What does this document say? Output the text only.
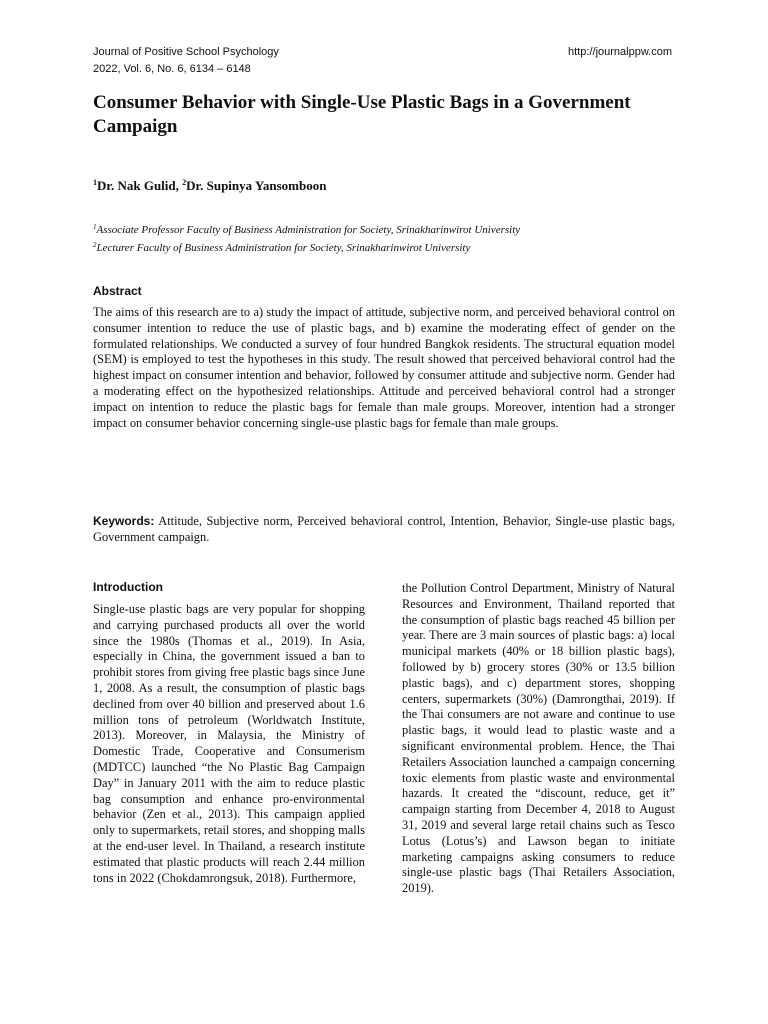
Journal of Positive School Psychology
2022, Vol. 6, No. 6, 6134 – 6148
http://journalppw.com
Consumer Behavior with Single-Use Plastic Bags in a Government Campaign
$^1$Dr. Nak Gulid, $^2$Dr. Supinya Yansomboon
$^1$Associate Professor Faculty of Business Administration for Society, Srinakharinwirot University
$^2$Lecturer Faculty of Business Administration for Society, Srinakharinwirot University
Abstract

The aims of this research are to a) study the impact of attitude, subjective norm, and perceived behavioral control on consumer intention to reduce the use of plastic bags, and b) examine the moderating effect of gender on the formulated relationships. We conducted a survey of four hundred Bangkok residents. The structural equation model (SEM) is employed to test the hypotheses in this study. The result showed that perceived behavioral control had the highest impact on consumer intention and behavior, followed by consumer attitude and subjective norm. Gender had a moderating effect on the hypothesized relationships. Attitude and perceived behavioral control had a stronger impact on intention to reduce the plastic bags for female than male groups. Moreover, intention had a stronger impact on consumer behavior concerning single-use plastic bags for female than male groups.

Keywords: Attitude, Subjective norm, Perceived behavioral control, Intention, Behavior, Single-use plastic bags, Government campaign.

Introduction

Single-use plastic bags are very popular for shopping and carrying purchased products all over the world since the 1980s (Thomas et al., 2019). In Asia, especially in China, the government issued a ban to prohibit stores from giving free plastic bags since June 1, 2008. As a result, the consumption of plastic bags declined from over 40 billion and preserved about 1.6 million tons of petroleum (Worldwatch Institute, 2013). Moreover, in Malaysia, the Ministry of Domestic Trade, Cooperative and Consumerism (MDTCC) launched “the No Plastic Bag Campaign Day” in January 2011 with the aim to reduce plastic bag consumption and enhance pro-environmental behavior (Zen et al., 2013). This campaign applied only to supermarkets, retail stores, and shopping malls at the end-user level. In Thailand, a research institute estimated that plastic products will reach 2.44 million tons in 2022 (Chokdamrongsuk, 2018). Furthermore,

the Pollution Control Department, Ministry of Natural Resources and Environment, Thailand reported that the consumption of plastic bags reached 45 billion per year. There are 3 main sources of plastic bags: a) local municipal markets (40% or 18 billion plastic bags), followed by b) grocery stores (30% or 13.5 billion plastic bags), and c) department stores, shopping centers, supermarkets (30%) (Damrongthai, 2019). If the Thai consumers are not aware and continue to use plastic bags, it would lead to plastic waste and a significant environmental problem. Hence, the Thai Retailers Association launched a campaign concerning toxic elements from plastic waste and environmental hazards. It created the “discount, reduce, get it” campaign starting from December 4, 2018 to August 31, 2019 and several large retail chains such as Tesco Lotus (Lotus’s) and Lawson began to initiate marketing campaigns asking consumers to reduce single-use plastic bags (Thai Retailers Association, 2019).
